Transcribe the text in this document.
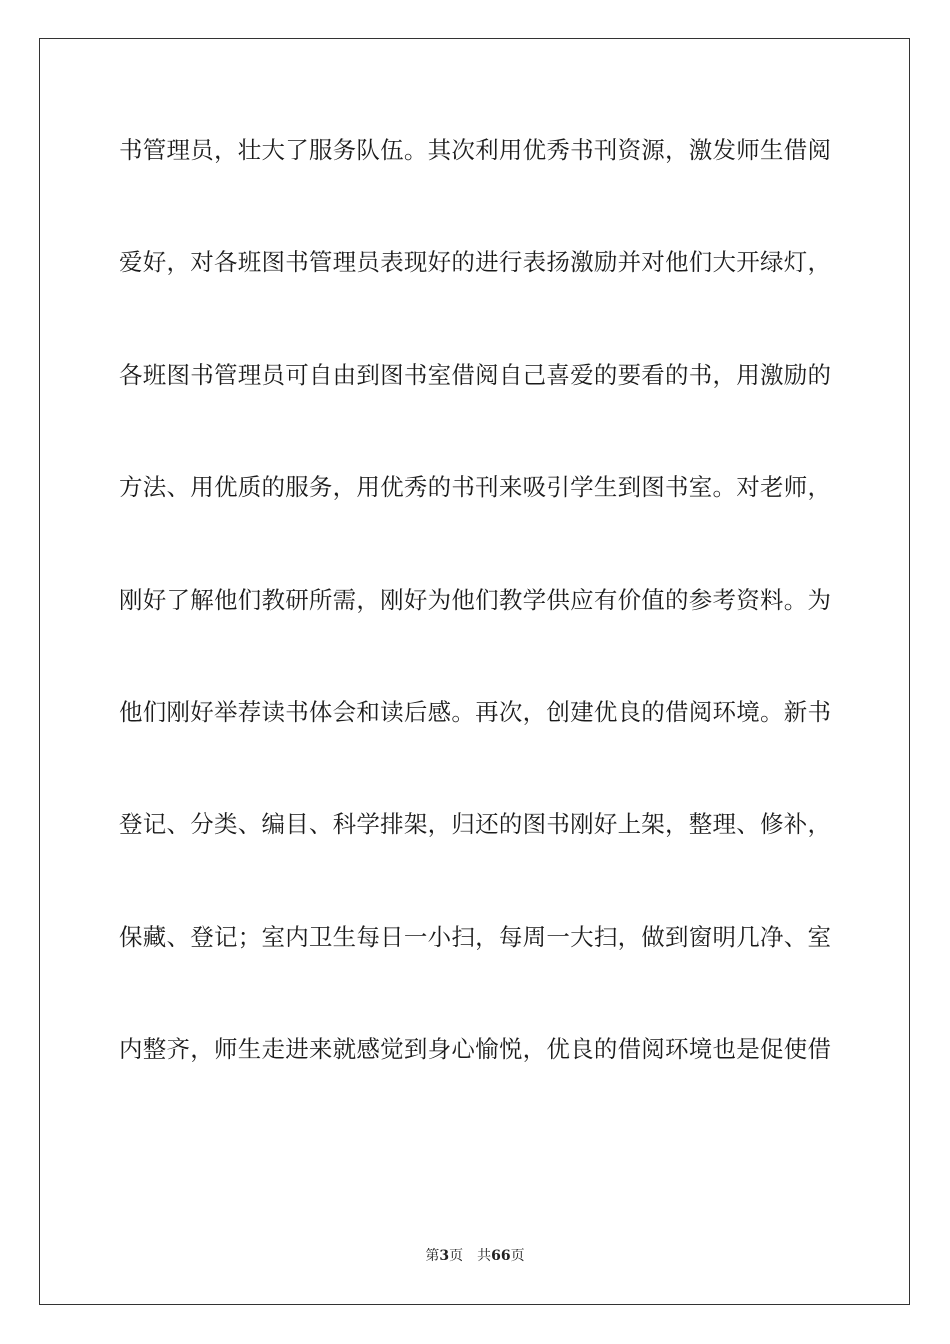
书管理员，壮大了服务队伍。其次利用优秀书刊资源，激发师生借阅
爱好，对各班图书管理员表现好的进行表扬激励并对他们大开绿灯，
各班图书管理员可自由到图书室借阅自己喜爱的要看的书，用激励的
方法、用优质的服务，用优秀的书刊来吸引学生到图书室。对老师，
刚好了解他们教研所需，刚好为他们教学供应有价值的参考资料。为
他们刚好举荐读书体会和读后感。再次，创建优良的借阅环境。新书
登记、分类、编目、科学排架，归还的图书刚好上架，整理、修补，
保藏、登记；室内卫生每日一小扫，每周一大扫，做到窗明几净、室
内整齐，师生走进来就感觉到身心愉悦，优良的借阅环境也是促使借
第3页 共66页
